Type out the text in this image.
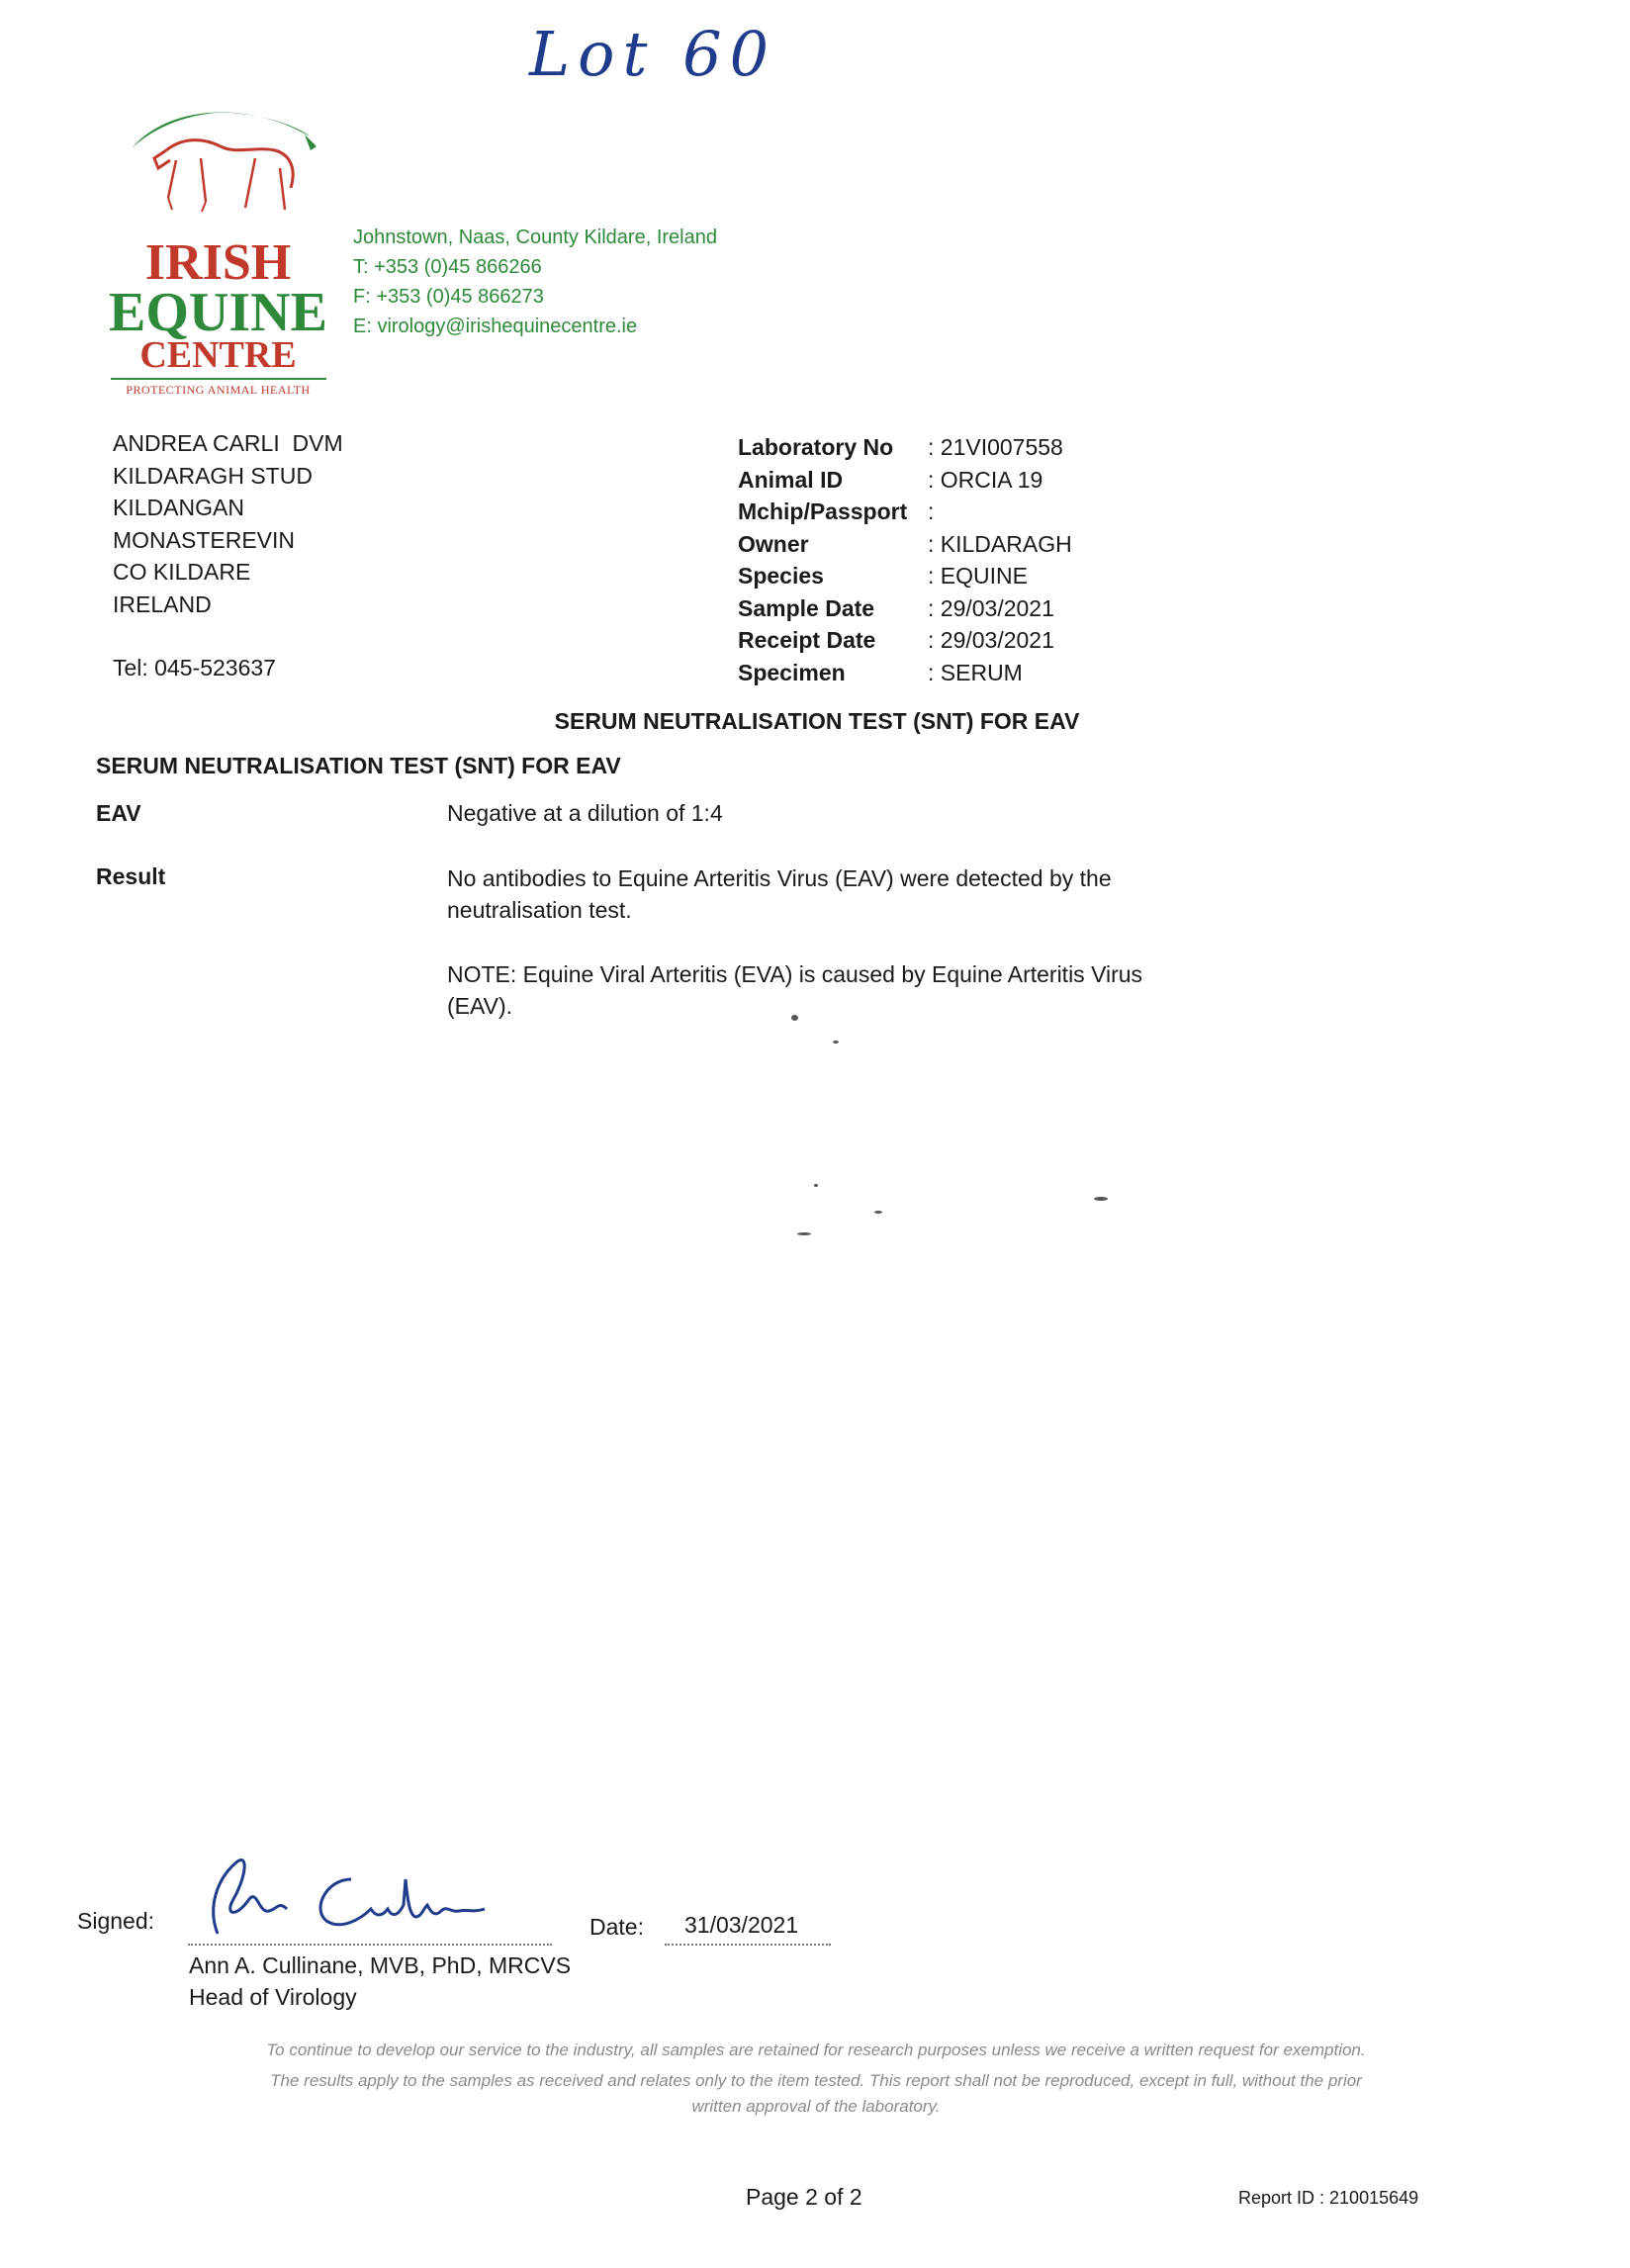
Lot 60
IRISH
EQUINE
CENTRE
PROTECTING ANIMAL HEALTH
Johnstown, Naas, County Kildare, Ireland
T: +353 (0)45 866266
F: +353 (0)45 866273
E: virology@irishequinecentre.ie
ANDREA CARLI  DVM
KILDARAGH STUD
KILDANGAN
MONASTEREVIN
CO KILDARE
IRELAND
Tel: 045-523637
Laboratory No	: 21VI007558
Animal ID	: ORCIA 19
Mchip/Passport :
Owner	: KILDARAGH
Species	: EQUINE
Sample Date	: 29/03/2021
Receipt Date	: 29/03/2021
Specimen	: SERUM
SERUM NEUTRALISATION TEST (SNT) FOR EAV
SERUM NEUTRALISATION TEST (SNT) FOR EAV
EAV	Negative at a dilution of 1:4
Result	No antibodies to Equine Arteritis Virus (EAV) were detected by the
neutralisation test.
NOTE: Equine Viral Arteritis (EVA) is caused by Equine Arteritis Virus
(EAV).
Signed:	Date: 31/03/2021
Ann A. Cullinane, MVB, PhD, MRCVS
Head of Virology
To continue to develop our service to the industry, all samples are retained for research purposes unless we receive a written request for exemption.
The results apply to the samples as received and relates only to the item tested. This report shall not be reproduced, except in full, without the prior
written approval of the laboratory.
Page 2 of 2	Report ID : 210015649
